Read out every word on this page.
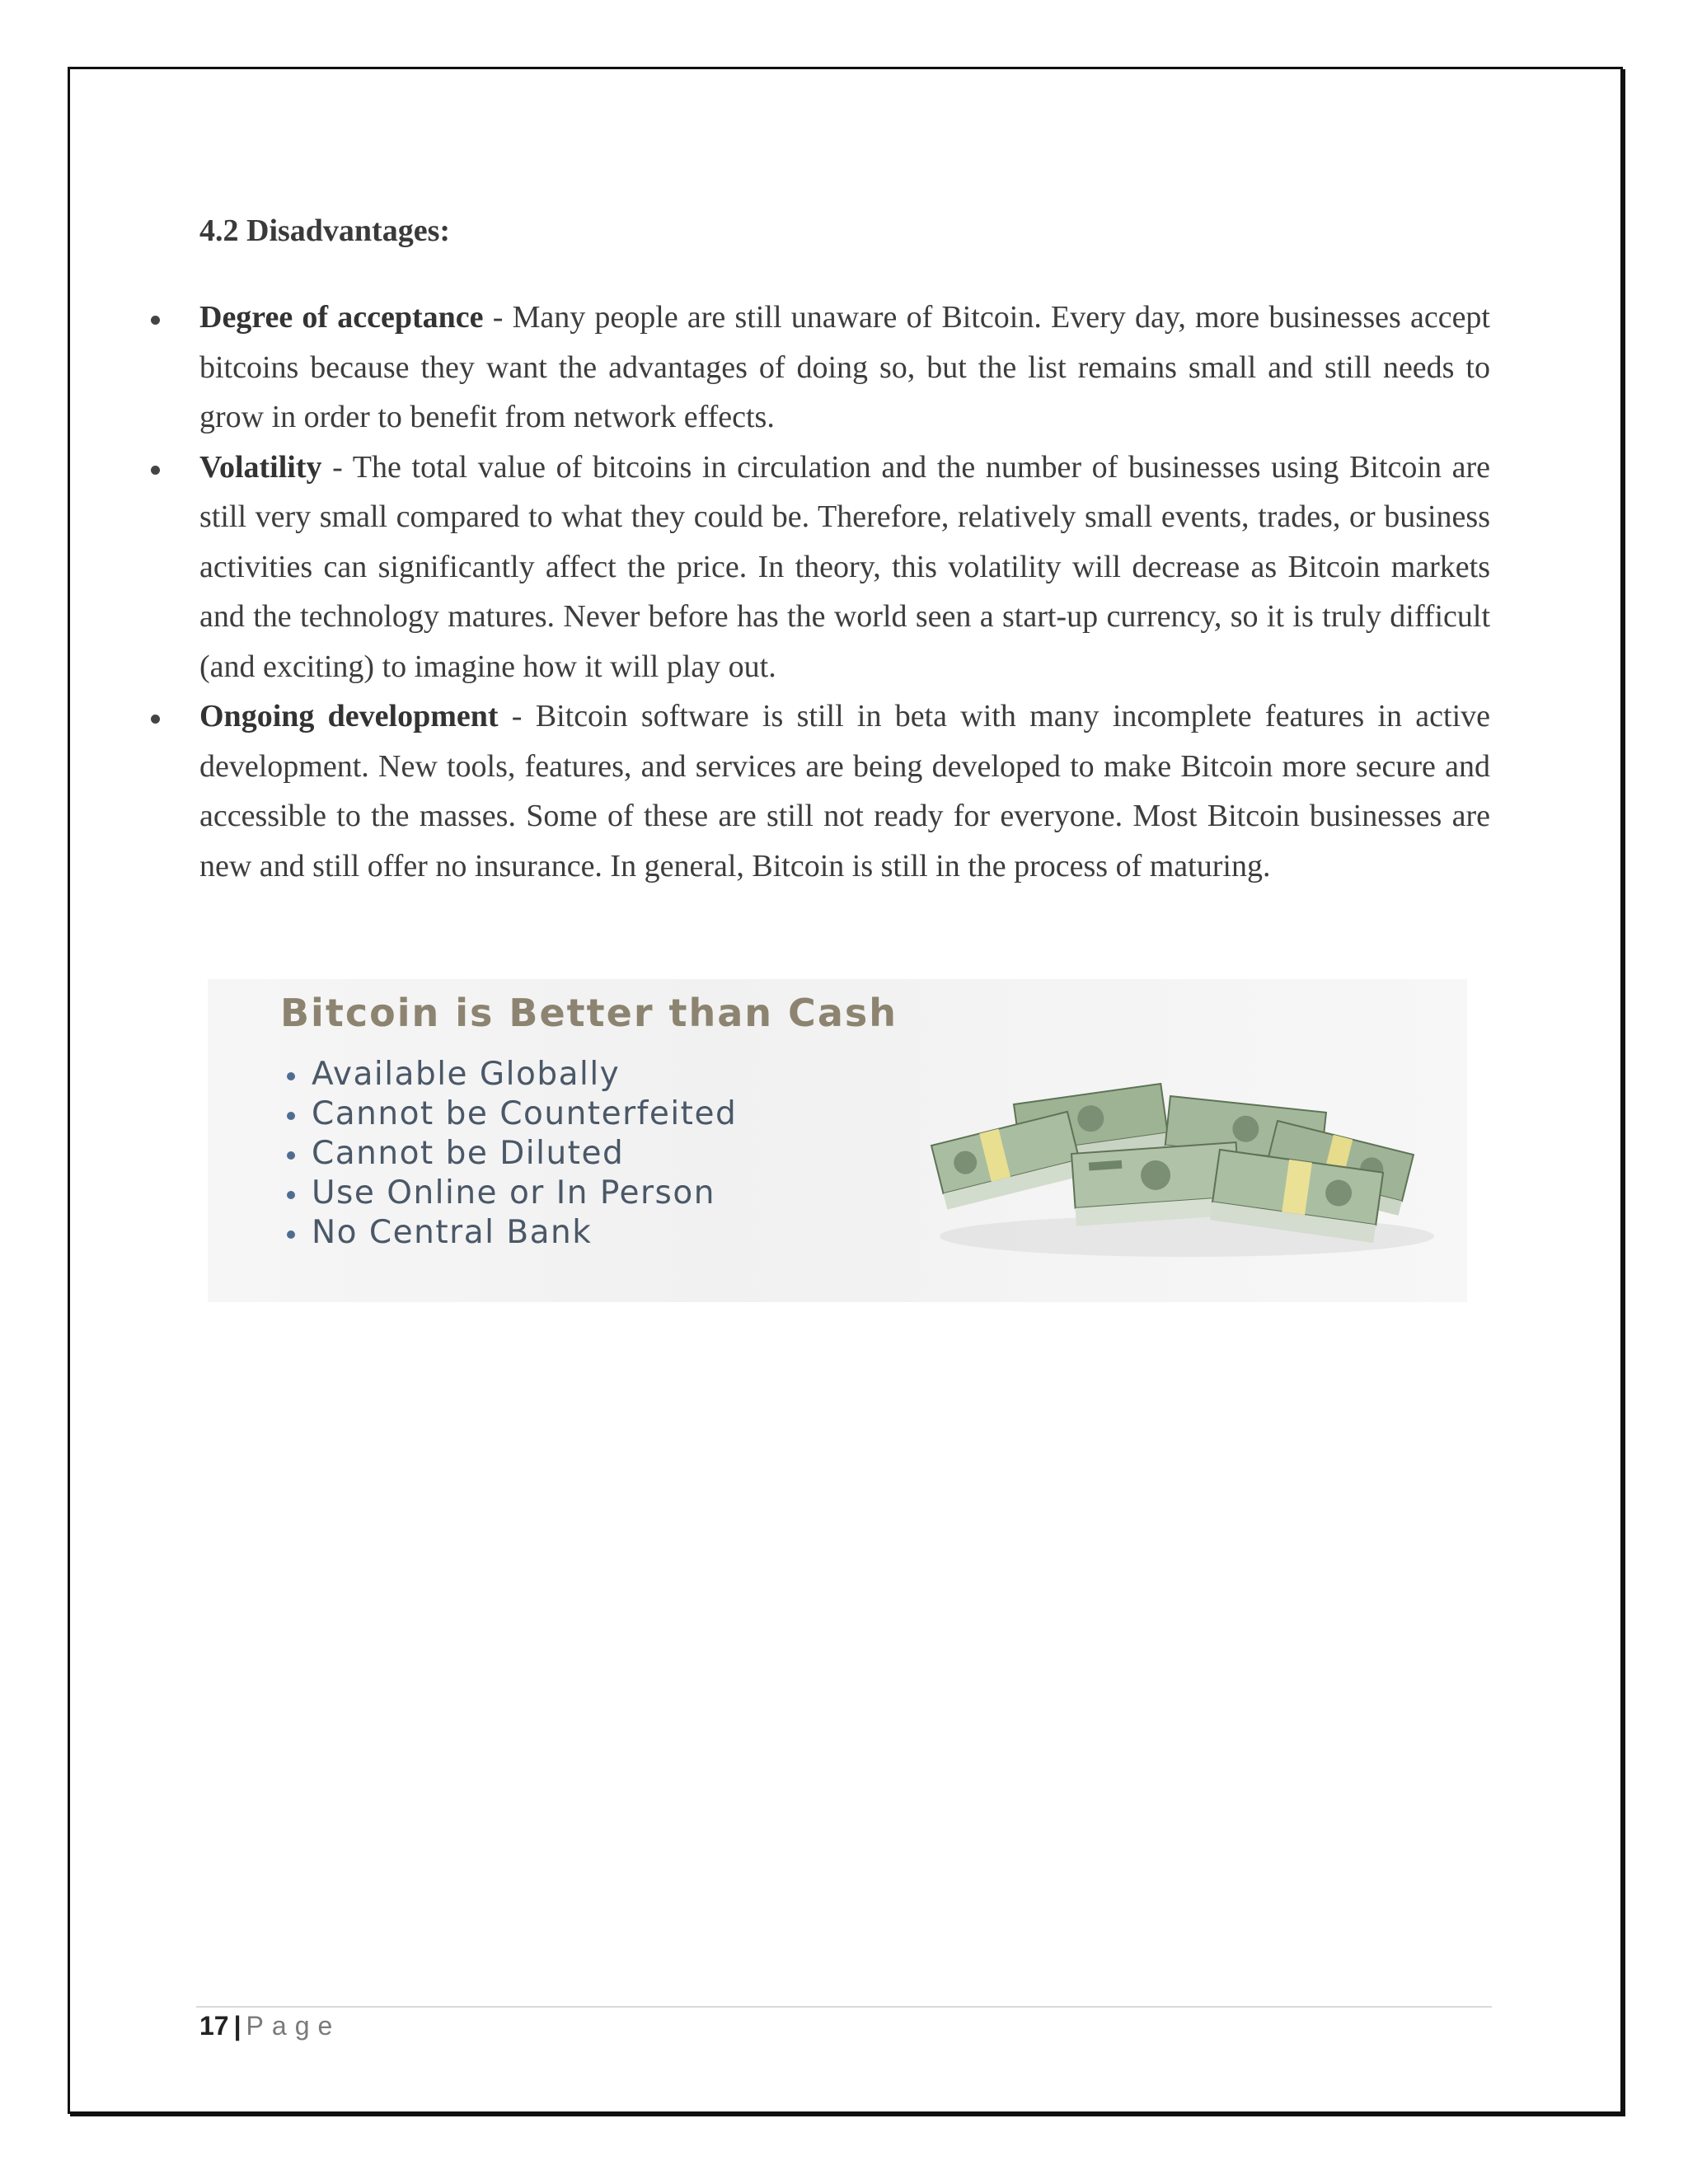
4.2 Disadvantages:
Degree of acceptance - Many people are still unaware of Bitcoin. Every day, more businesses accept bitcoins because they want the advantages of doing so, but the list remains small and still needs to grow in order to benefit from network effects.
Volatility - The total value of bitcoins in circulation and the number of businesses using Bitcoin are still very small compared to what they could be. Therefore, relatively small events, trades, or business activities can significantly affect the price. In theory, this volatility will decrease as Bitcoin markets and the technology matures. Never before has the world seen a start-up currency, so it is truly difficult (and exciting) to imagine how it will play out.
Ongoing development - Bitcoin software is still in beta with many incomplete features in active development. New tools, features, and services are being developed to make Bitcoin more secure and accessible to the masses. Some of these are still not ready for everyone. Most Bitcoin businesses are new and still offer no insurance. In general, Bitcoin is still in the process of maturing.
Bitcoin is Better than Cash
Available Globally
Cannot be Counterfeited
Cannot be Diluted
Use Online or In Person
No Central Bank
17 | Page
